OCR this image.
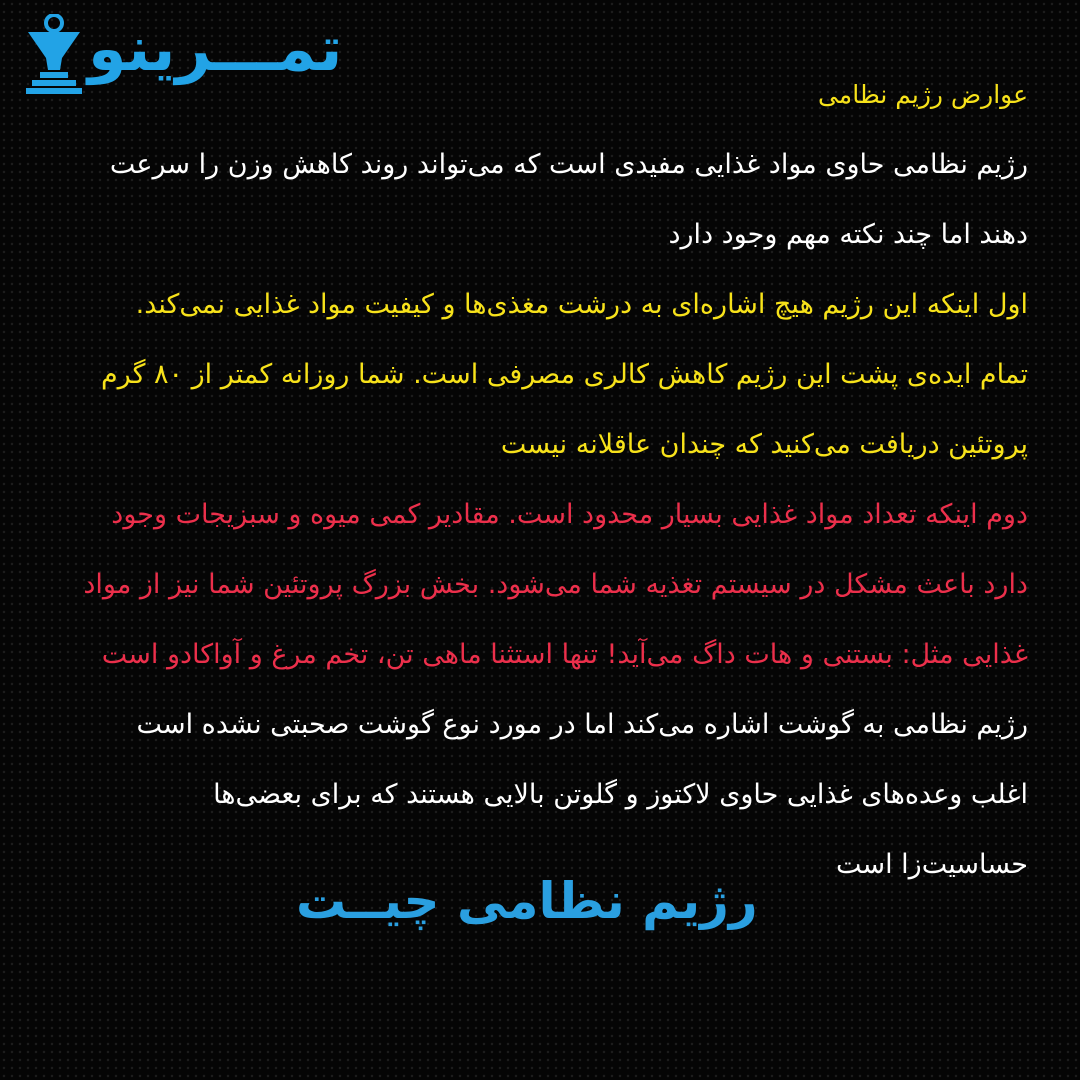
تمـــرینو

عوارض رژیم نظامی

رژیم نظامی حاوی مواد غذایی مفیدی است که می‌تواند روند کاهش وزن را سرعت

دهند اما چند نکته مهم وجود دارد

اول اینکه این رژیم هیچ اشاره‌ای به درشت مغذی‌ها و کیفیت مواد غذایی نمی‌کند.

تمام ایده‌ی پشت این رژیم کاهش کالری مصرفی است. شما روزانه کمتر از ۸۰ گرم

پروتئین دریافت می‌کنید که چندان عاقلانه نیست

دوم اینکه تعداد مواد غذایی بسیار محدود است. مقادیر کمی میوه و سبزیجات وجود

دارد باعث مشکل در سیستم تغذیه شما می‌شود. بخش بزرگ پروتئین شما نیز از مواد

غذایی مثل: بستنی و هات داگ می‌آید! تنها استثنا ماهی تن، تخم مرغ و آواکادو است

رژیم نظامی به گوشت اشاره می‌کند اما در مورد نوع گوشت صحبتی نشده است

اغلب وعده‌های غذایی حاوی لاکتوز و گلوتن بالایی هستند که برای بعضی‌ها

حساسیت‌زا است

رژیم نظامی چیــت
